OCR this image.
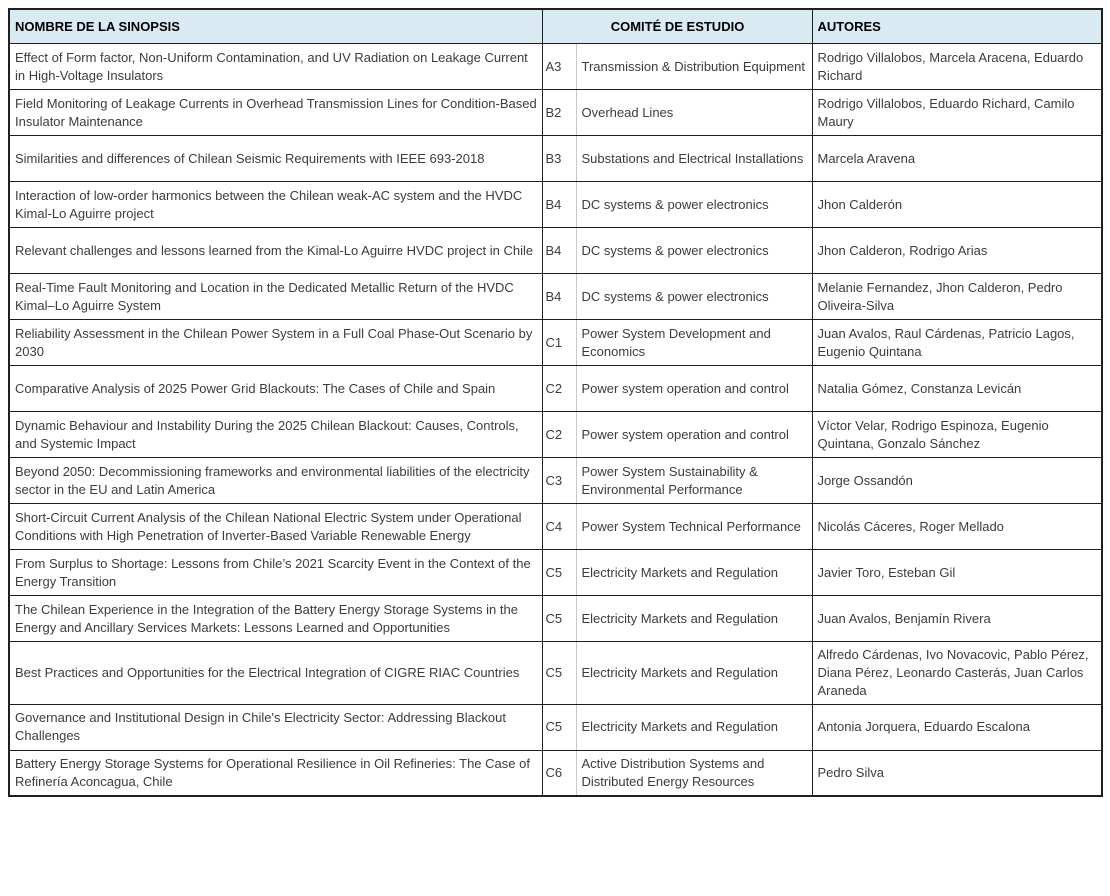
NOMBRE DE LA SINOPSIS	COMITÉ DE ESTUDIO		AUTORES
Effect of Form factor, Non-Uniform Contamination, and UV Radiation on Leakage Current in High-Voltage Insulators	A3	Transmission & Distribution Equipment	Rodrigo Villalobos, Marcela Aracena, Eduardo Richard
Field Monitoring of Leakage Currents in Overhead Transmission Lines for Condition-Based Insulator Maintenance	B2	Overhead Lines	Rodrigo Villalobos, Eduardo Richard, Camilo Maury
Similarities and differences of Chilean Seismic Requirements with IEEE 693-2018	B3	Substations and Electrical Installations	Marcela Aravena
Interaction of low-order harmonics between the Chilean weak-AC system and the HVDC Kimal-Lo Aguirre project	B4	DC systems & power electronics	Jhon Calderón
Relevant challenges and lessons learned from the Kimal-Lo Aguirre HVDC project in Chile	B4	DC systems & power electronics	Jhon Calderon, Rodrigo Arias
Real-Time Fault Monitoring and Location in the Dedicated Metallic Return of the HVDC Kimal–Lo Aguirre System	B4	DC systems & power electronics	Melanie Fernandez, Jhon Calderon, Pedro Oliveira-Silva
Reliability Assessment in the Chilean Power System in a Full Coal Phase-Out Scenario by 2030	C1	Power System Development and Economics	Juan Avalos, Raul Cárdenas, Patricio Lagos, Eugenio Quintana
Comparative Analysis of 2025 Power Grid Blackouts: The Cases of Chile and Spain	C2	Power system operation and control	Natalia Gómez, Constanza Levicán
Dynamic Behaviour and Instability During the 2025 Chilean Blackout: Causes, Controls, and Systemic Impact	C2	Power system operation and control	Víctor Velar, Rodrigo Espinoza, Eugenio Quintana, Gonzalo Sánchez
Beyond 2050: Decommissioning frameworks and environmental liabilities of the electricity sector in the EU and Latin America	C3	Power System Sustainability & Environmental Performance	Jorge Ossandón
Short-Circuit Current Analysis of the Chilean National Electric System under Operational Conditions with High Penetration of Inverter-Based Variable Renewable Energy	C4	Power System Technical Performance	Nicolás Cáceres, Roger Mellado
From Surplus to Shortage: Lessons from Chile’s 2021 Scarcity Event in the Context of the Energy Transition	C5	Electricity Markets and Regulation	Javier Toro, Esteban Gil
The Chilean Experience in the Integration of the Battery Energy Storage Systems in the Energy and Ancillary Services Markets: Lessons Learned and Opportunities	C5	Electricity Markets and Regulation	Juan Avalos, Benjamín Rivera
Best Practices and Opportunities for the Electrical Integration of CIGRE RIAC Countries	C5	Electricity Markets and Regulation	Alfredo Cárdenas, Ivo Novacovic, Pablo Pérez, Diana Pérez, Leonardo Casterás, Juan Carlos Araneda
Governance and Institutional Design in Chile's Electricity Sector: Addressing Blackout Challenges	C5	Electricity Markets and Regulation	Antonia Jorquera, Eduardo Escalona
Battery Energy Storage Systems for Operational Resilience in Oil Refineries: The Case of Refinería Aconcagua, Chile	C6	Active Distribution Systems and Distributed Energy Resources	Pedro Silva
